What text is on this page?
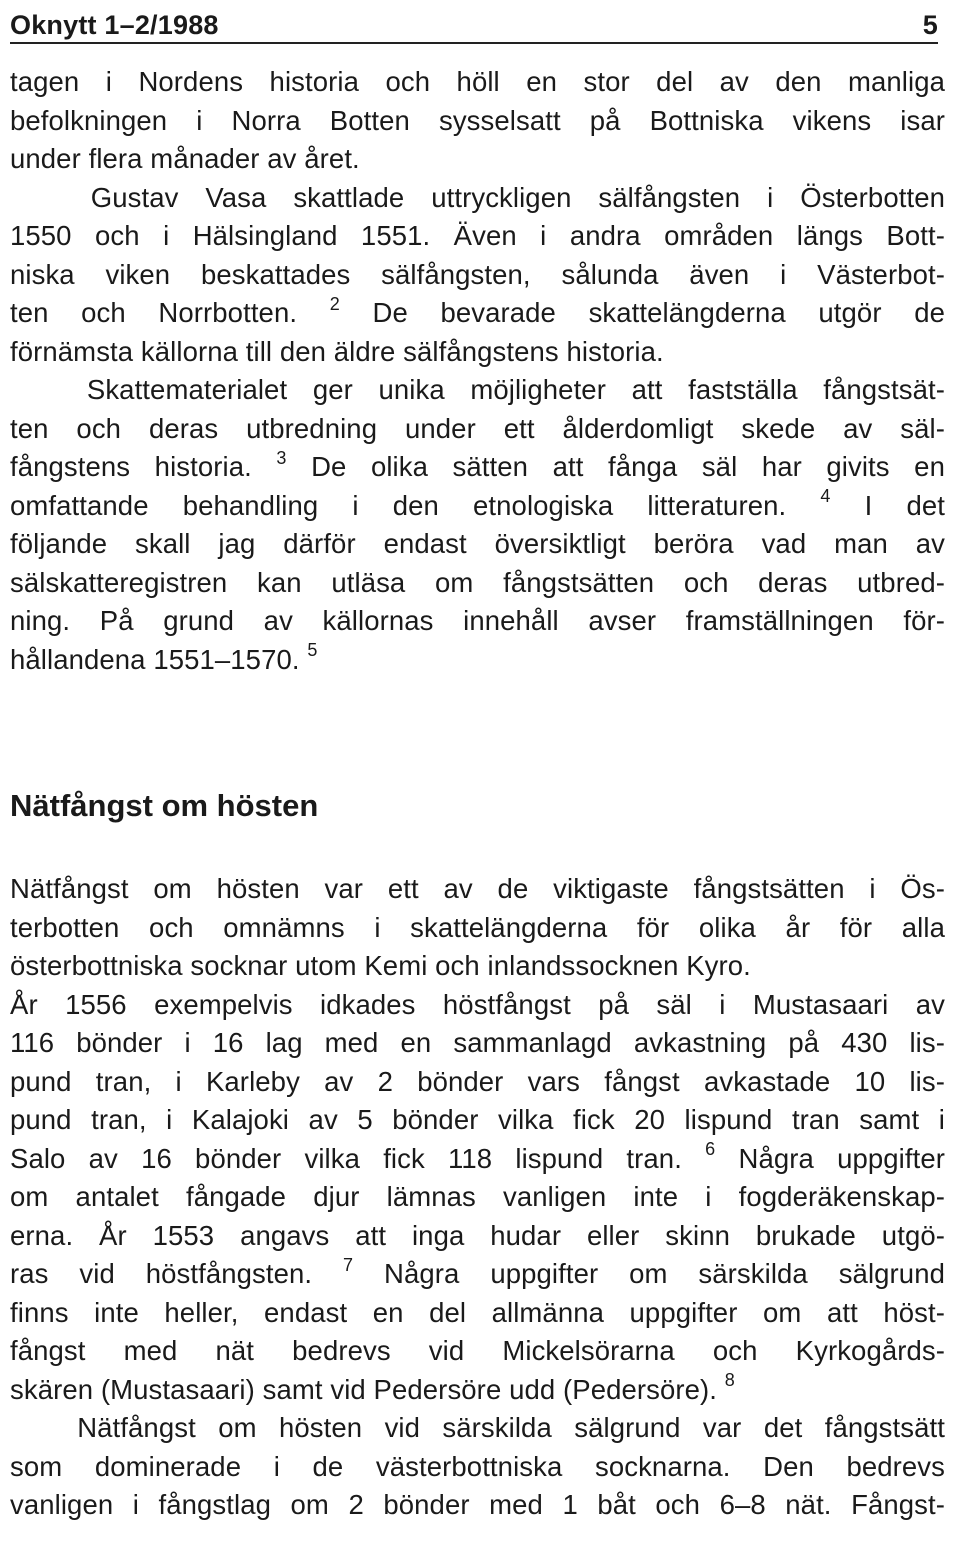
Oknytt 1–2/1988	5
tagen i Nordens historia och höll en stor del av den manliga
befolkningen i Norra Botten sysselsatt på Bottniska vikens isar
under flera månader av året.
Gustav Vasa skattlade uttryckligen sälfångsten i Österbotten
1550 och i Hälsingland 1551. Även i andra områden längs Bott-
niska viken beskattades sälfångsten, sålunda även i Västerbot-
ten och Norrbotten. $^2$ De bevarade skattelängderna utgör de
förnämsta källorna till den äldre sälfångstens historia.
Skattematerialet ger unika möjligheter att fastställa fångstsät-
ten och deras utbredning under ett ålderdomligt skede av säl-
fångstens historia. $^3$ De olika sätten att fånga säl har givits en
omfattande behandling i den etnologiska litteraturen. $^4$ I det
följande skall jag därför endast översiktligt beröra vad man av
sälskatteregistren kan utläsa om fångstsätten och deras utbred-
ning. På grund av källornas innehåll avser framställningen för-
hållandena 1551–1570. $^5$
Nätfångst om hösten
Nätfångst om hösten var ett av de viktigaste fångstsätten i Ös-
terbotten och omnämns i skattelängderna för olika år för alla
österbottniska socknar utom Kemi och inlandssocknen Kyro.
År 1556 exempelvis idkades höstfångst på säl i Mustasaari av
116 bönder i 16 lag med en sammanlagd avkastning på 430 lis-
pund tran, i Karleby av 2 bönder vars fångst avkastade 10 lis-
pund tran, i Kalajoki av 5 bönder vilka fick 20 lispund tran samt i
Salo av 16 bönder vilka fick 118 lispund tran. $^6$ Några uppgifter
om antalet fångade djur lämnas vanligen inte i fogderäkenskap-
erna. År 1553 angavs att inga hudar eller skinn brukade utgö-
ras vid höstfångsten. $^7$ Några uppgifter om särskilda sälgrund
finns inte heller, endast en del allmänna uppgifter om att höst-
fångst med nät bedrevs vid Mickelsörarna och Kyrkogårds-
skären (Mustasaari) samt vid Pedersöre udd (Pedersöre). $^8$
Nätfångst om hösten vid särskilda sälgrund var det fångstsätt
som dominerade i de västerbottniska socknarna. Den bedrevs
vanligen i fångstlag om 2 bönder med 1 båt och 6–8 nät. Fångst-
